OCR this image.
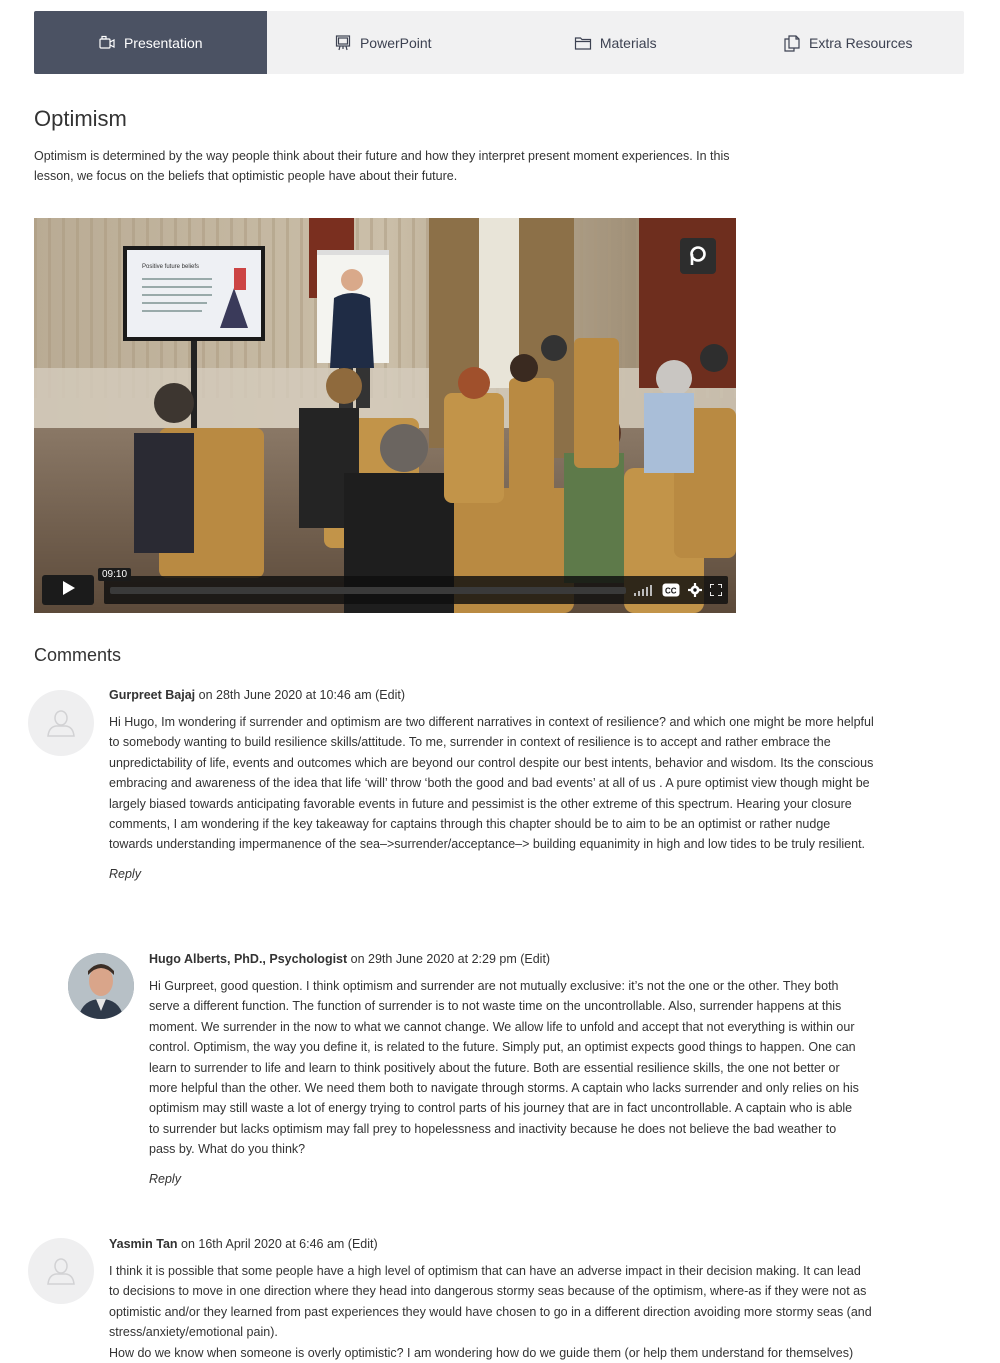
Presentation	PowerPoint	Materials	Extra Resources
Optimism

Optimism is determined by the way people think about their future and how they interpret present moment experiences. In this lesson, we focus on the beliefs that optimistic people have about their future.

Positive future beliefs
09:10
CC
Comments

Gurpreet Bajaj on 28th June 2020 at 10:46 am (Edit)

Hi Hugo, Im wondering if surrender and optimism are two different narratives in context of resilience? and which one might be more helpful to somebody wanting to build resilience skills/attitude. To me, surrender in context of resilience is to accept and rather embrace the unpredictability of life, events and outcomes which are beyond our control despite our best intents, behavior and wisdom. Its the conscious embracing and awareness of the idea that life ‘will’ throw ‘both the good and bad events’ at all of us . A pure optimist view though might be largely biased towards anticipating favorable events in future and pessimist is the other extreme of this spectrum. Hearing your closure comments, I am wondering if the key takeaway for captains through this chapter should be to aim to be an optimist or rather nudge towards understanding impermanence of the sea–>surrender/acceptance–> building equanimity in high and low tides to be truly resilient.

Reply

Hugo Alberts, PhD., Psychologist on 29th June 2020 at 2:29 pm (Edit)

Hi Gurpreet, good question. I think optimism and surrender are not mutually exclusive: it’s not the one or the other. They both serve a different function. The function of surrender is to not waste time on the uncontrollable. Also, surrender happens at this moment. We surrender in the now to what we cannot change. We allow life to unfold and accept that not everything is within our control. Optimism, the way you define it, is related to the future. Simply put, an optimist expects good things to happen. One can learn to surrender to life and learn to think positively about the future. Both are essential resilience skills, the one not better or more helpful than the other. We need them both to navigate through storms. A captain who lacks surrender and only relies on his optimism may still waste a lot of energy trying to control parts of his journey that are in fact uncontrollable. A captain who is able to surrender but lacks optimism may fall prey to hopelessness and inactivity because he does not believe the bad weather to pass by. What do you think?

Reply

Yasmin Tan on 16th April 2020 at 6:46 am (Edit)

I think it is possible that some people have a high level of optimism that can have an adverse impact in their decision making. It can lead to decisions to move in one direction where they head into dangerous stormy seas because of the optimism, where-as if they were not as optimistic and/or they learned from past experiences they would have chosen to go in a different direction avoiding more stormy seas (and stress/anxiety/emotional pain).

How do we know when someone is overly optimistic? I am wondering how do we guide them (or help them understand for themselves)
